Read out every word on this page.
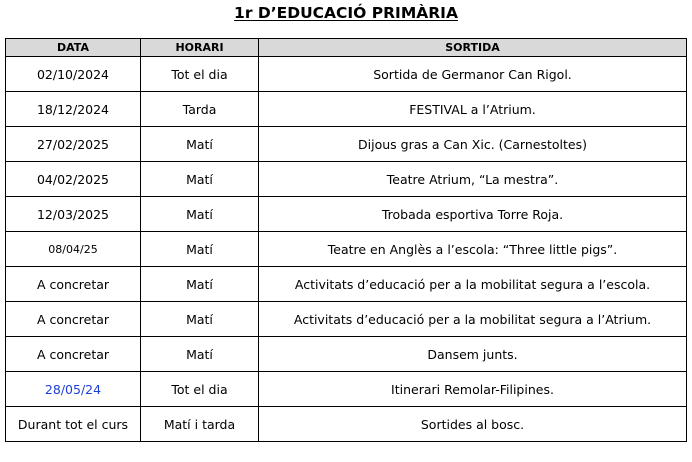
1r D’EDUCACIÓ PRIMÀRIA
DATA	HORARI	SORTIDA
02/10/2024	Tot el dia	Sortida de Germanor Can Rigol.
18/12/2024	Tarda	FESTIVAL a l’Atrium.
27/02/2025	Matí	Dijous gras a Can Xic. (Carnestoltes)
04/02/2025	Matí	Teatre Atrium, “La mestra”.
12/03/2025	Matí	Trobada esportiva Torre Roja.
08/04/25	Matí	Teatre en Anglès a l’escola: “Three little pigs”.
A concretar	Matí	Activitats d’educació per a la mobilitat segura a l’escola.
A concretar	Matí	Activitats d’educació per a la mobilitat segura a l’Atrium.
A concretar	Matí	Dansem junts.
28/05/24	Tot el dia	Itinerari Remolar-Filipines.
Durant tot el curs	Matí i tarda	Sortides al bosc.
